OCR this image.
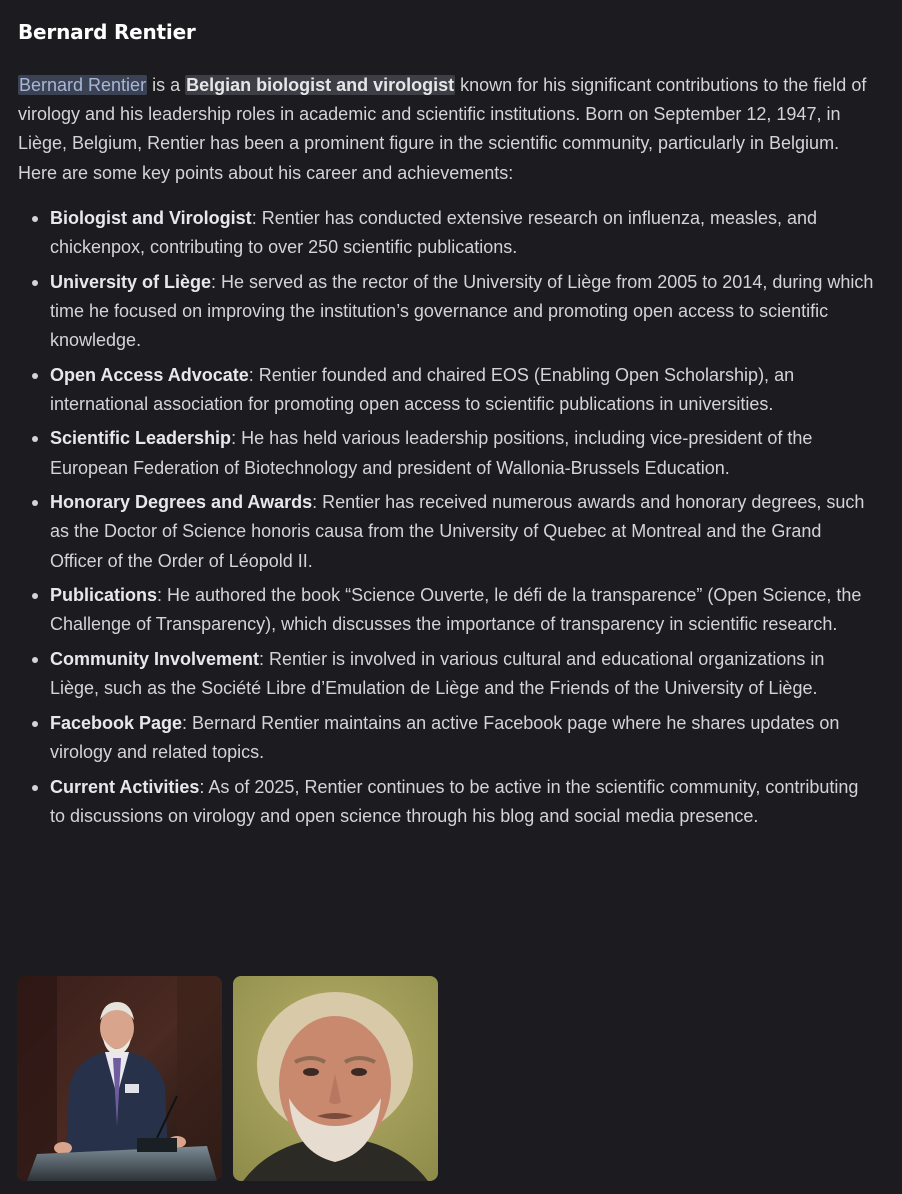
Bernard Rentier

Bernard Rentier is a Belgian biologist and virologist known for his significant contributions to the field of virology and his leadership roles in academic and scientific institutions. Born on September 12, 1947, in Liège, Belgium, Rentier has been a prominent figure in the scientific community, particularly in Belgium. Here are some key points about his career and achievements:

Biologist and Virologist: Rentier has conducted extensive research on influenza, measles, and chickenpox, contributing to over 250 scientific publications.
University of Liège: He served as the rector of the University of Liège from 2005 to 2014, during which time he focused on improving the institution’s governance and promoting open access to scientific knowledge.
Open Access Advocate: Rentier founded and chaired EOS (Enabling Open Scholarship), an international association for promoting open access to scientific publications in universities.
Scientific Leadership: He has held various leadership positions, including vice-president of the European Federation of Biotechnology and president of Wallonia-Brussels Education.
Honorary Degrees and Awards: Rentier has received numerous awards and honorary degrees, such as the Doctor of Science honoris causa from the University of Quebec at Montreal and the Grand Officer of the Order of Léopold II.
Publications: He authored the book “Science Ouverte, le défi de la transparence” (Open Science, the Challenge of Transparency), which discusses the importance of transparency in scientific research.
Community Involvement: Rentier is involved in various cultural and educational organizations in Liège, such as the Société Libre d’Emulation de Liège and the Friends of the University of Liège.
Facebook Page: Bernard Rentier maintains an active Facebook page where he shares updates on virology and related topics.
Current Activities: As of 2025, Rentier continues to be active in the scientific community, contributing to discussions on virology and open science through his blog and social media presence.
